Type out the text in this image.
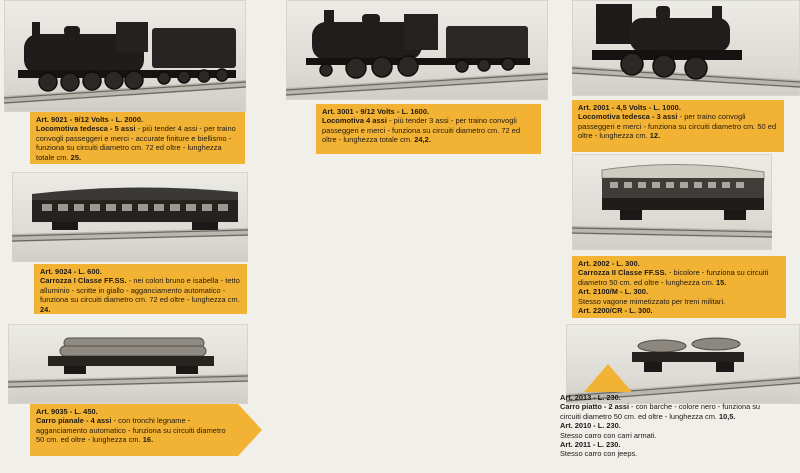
Art. 9021 - 9/12 Volts - L. 2000.
Locomotiva tedesca - 5 assi - più tender 4 assi - per traino convogli passeggeri e merci - accurate finiture e biellismo - funziona su circuiti diametro cm. 72 ed oltre - lunghezza totale cm. 25.
Art. 3001 - 9/12 Volts - L. 1600.
Locomotiva 4 assi - più tender 3 assi - per traino convogli passeggeri e merci - funziona su circuiti diametro cm. 72 ed oltre - lunghezza totale cm. 24,2.
Art. 2001 - 4,5 Volts - L. 1000.
Locomotiva tedesca - 3 assi - per traino convogli passeggeri e merci - funziona su circuiti diametro cm. 50 ed oltre - lunghezza cm. 12.
Art. 9024 - L. 600.
Carrozza I Classe FF.SS. - nei colori bruno e isabella - tetto alluminio - scritte in giallo - agganciamento automatico - funziona su circuiti diametro cm. 72 ed oltre - lunghezza cm. 24.
Art. 2002 - L. 300.
Carrozza II Classe FF.SS. - bicolore - funziona su circuiti diametro 50 cm. ed oltre - lunghezza cm. 15.
Art. 2100/M - L. 300.
Stesso vagone mimetizzato per treni militari.
Art. 2200/CR - L. 300.
Art. 9035 - L. 450.
Carro pianale - 4 assi - con tronchi legname - agganciamento automatico - funziona su circuiti diametro 50 cm. ed oltre - lunghezza cm. 16.
Art. 2013 - L. 230.
Carro piatto - 2 assi - con barche - colore nero - funziona su circuiti diametro 50 cm. ed oltre - lunghezza cm. 10,5.
Art. 2010 - L. 230.
Stesso carro con carri armati.
Art. 2011 - L. 230.
Stesso carro con jeeps.
